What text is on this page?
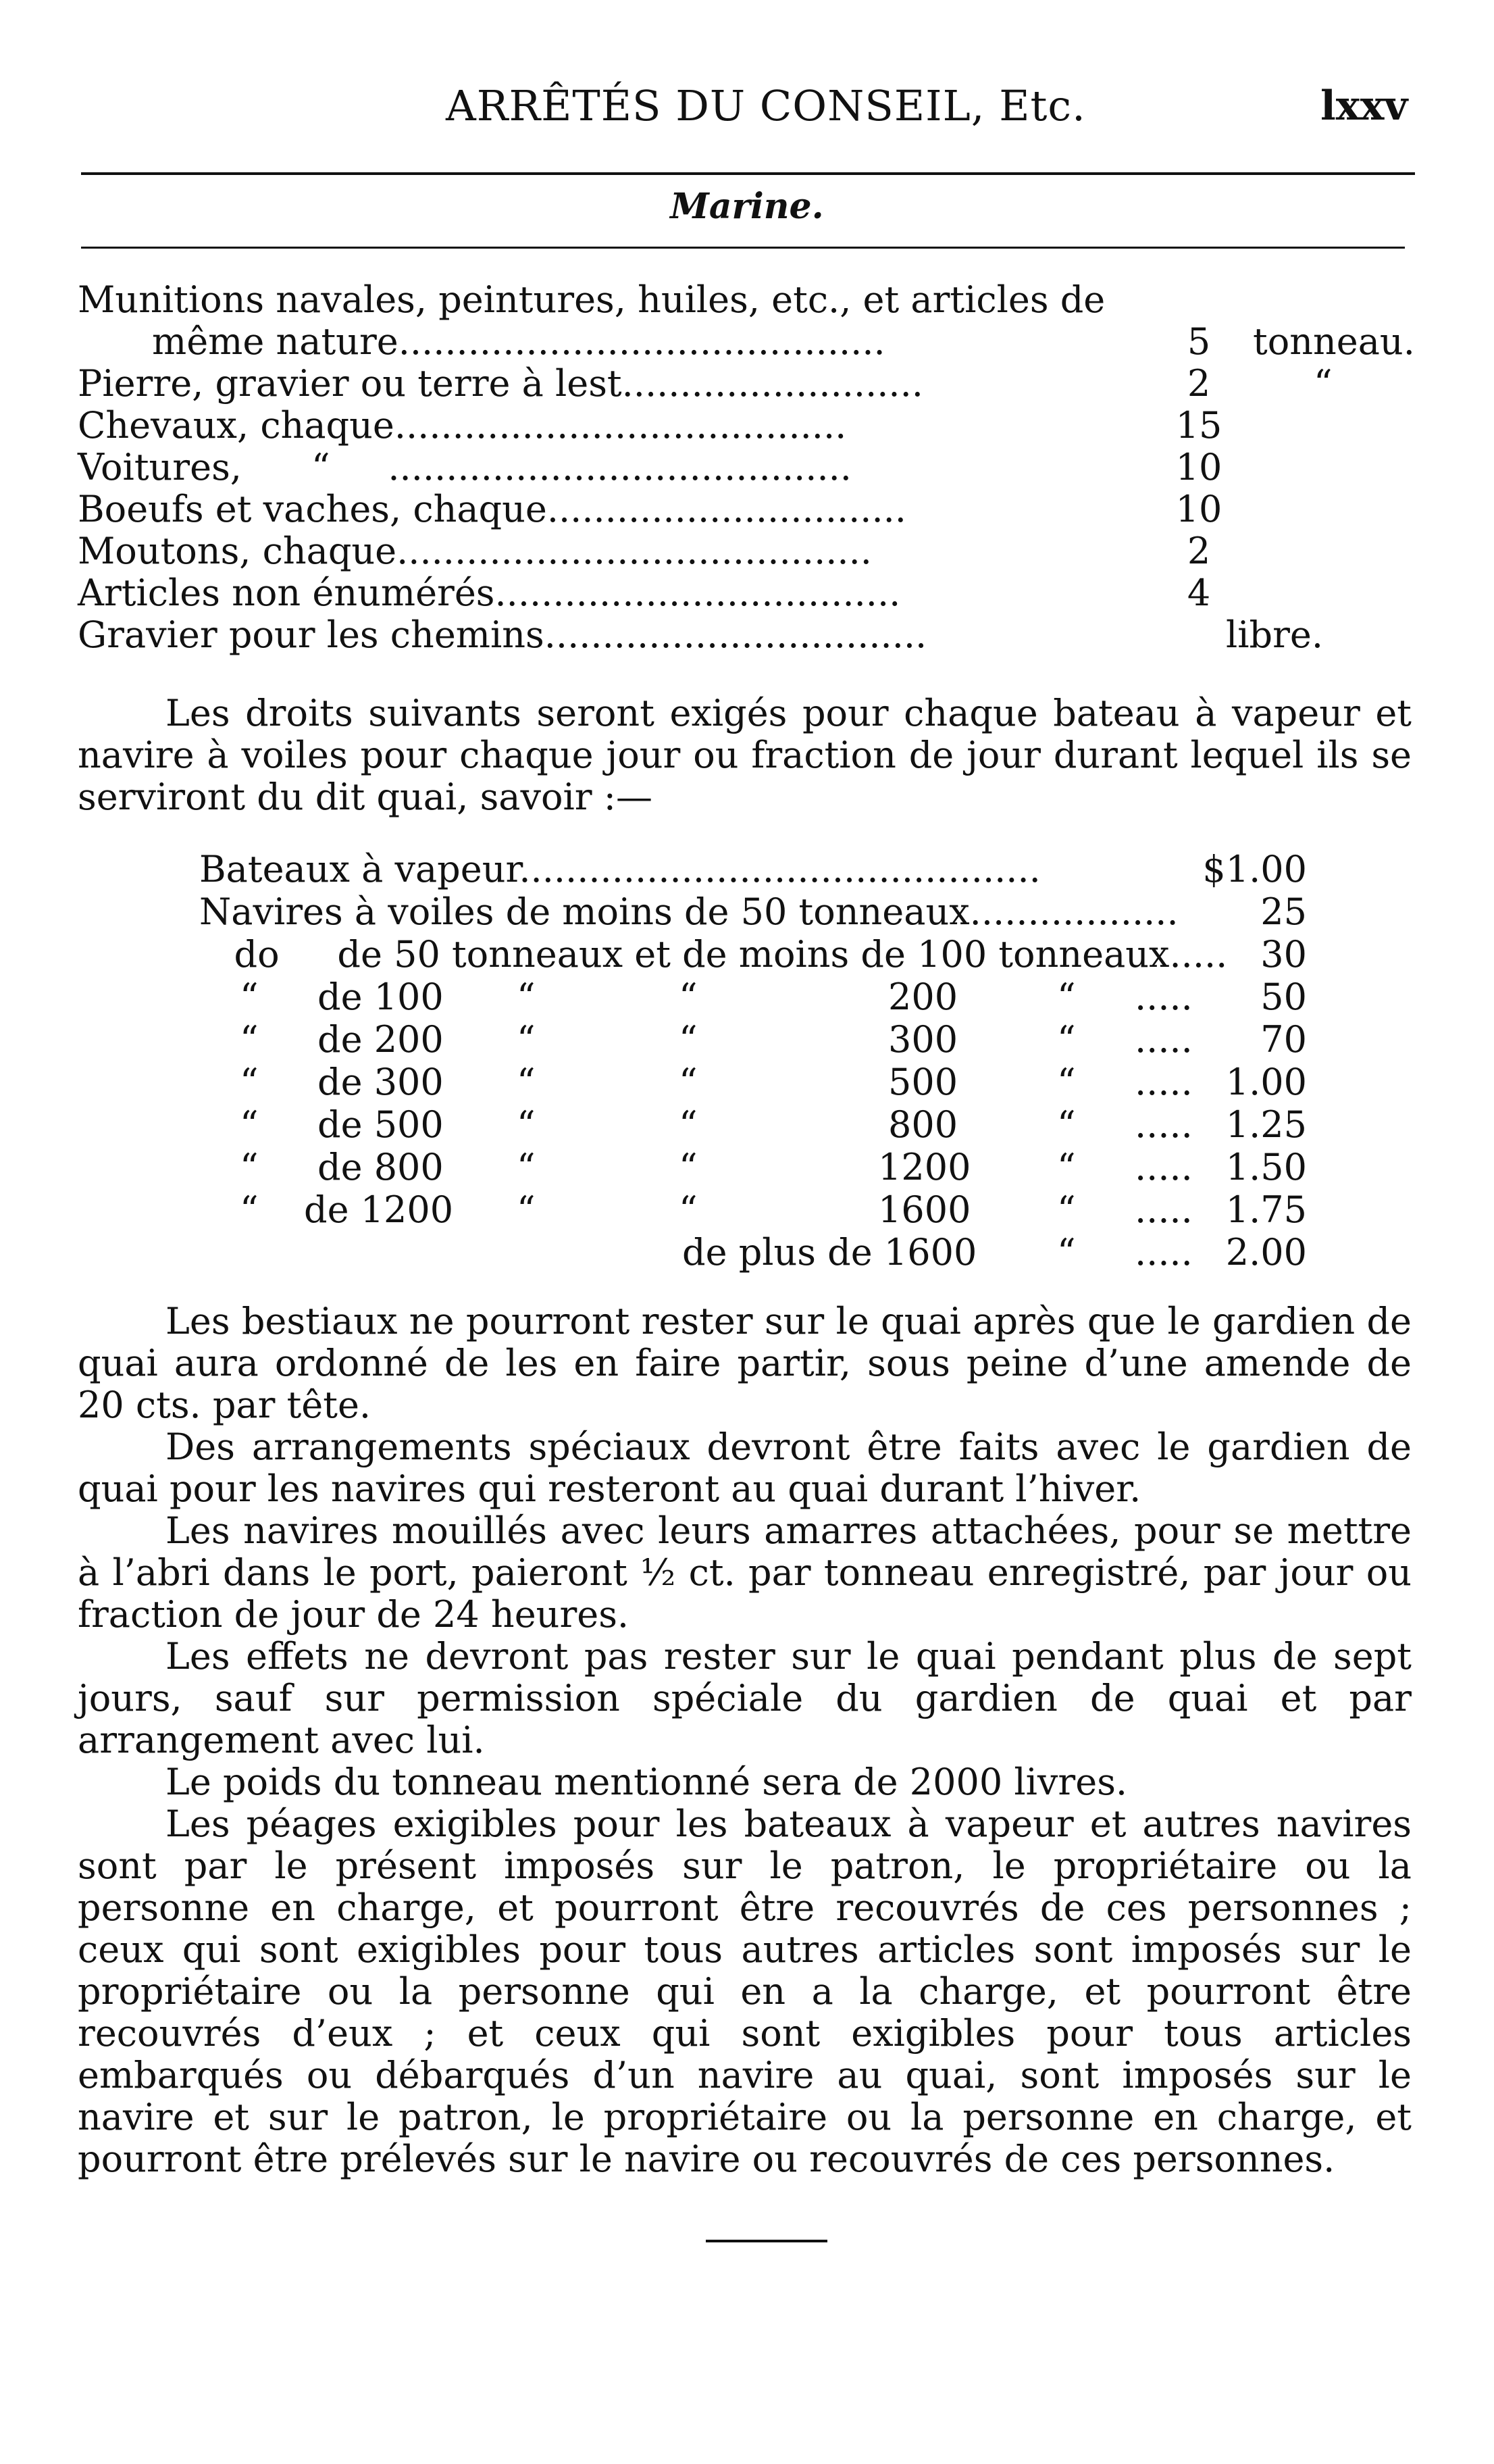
ARRÊTÉS DU CONSEIL, Etc.	lxxv
Marine.
Munitions navales, peintures, huiles, etc., et articles de
même nature..........................................	5	tonneau.
Pierre, gravier ou terre à lest..........................	2	“
Chevaux, chaque.......................................	15
Voitures,      “     ........................................	10
Boeufs et vaches, chaque...............................	10
Moutons, chaque.........................................	2
Articles non énumérés...................................	4
Gravier pour les chemins.................................	libre.

Les droits suivants seront exigés pour chaque bateau à vapeur et navire à voiles pour chaque jour ou fraction de jour durant lequel ils se serviront du dit quai, savoir :—

Bateaux à vapeur.............................................	$1.00
Navires à voiles de moins de 50 tonneaux.................. 25
do     de 50 tonneaux et de moins de 100 tonneaux..... 30
“ de 100 “	“	200	“ ..... 50
“ de 200 “	“	300	“ ..... 70
“ de 300 “	“	500	“ ..... 1.00
“ de 500 “	“	800	“ ..... 1.25
“ de 800 “	“	1200 “ ..... 1.50
“ de 1200 “	“	1600 “ ..... 1.75
de plus de 1600 “ ..... 2.00

Les bestiaux ne pourront rester sur le quai après que le gardien de quai aura ordonné de les en faire partir, sous peine d’une amende de 20 cts. par tête.

Des arrangements spéciaux devront être faits avec le gardien de quai pour les navires qui resteront au quai durant l’hiver.

Les navires mouillés avec leurs amarres attachées, pour se mettre à l’abri dans le port, paieront ½ ct. par tonneau enregistré, par jour ou fraction de jour de 24 heures.

Les effets ne devront pas rester sur le quai pendant plus de sept jours, sauf sur permission spéciale du gardien de quai et par arrangement avec lui.

Le poids du tonneau mentionné sera de 2000 livres.

Les péages exigibles pour les bateaux à vapeur et autres navires sont par le présent imposés sur le patron, le propriétaire ou la personne en charge, et pourront être recouvrés de ces personnes ; ceux qui sont exigibles pour tous autres articles sont imposés sur le propriétaire ou la personne qui en a la charge, et pourront être recouvrés d’eux ; et ceux qui sont exigibles pour tous articles embarqués ou débarqués d’un navire au quai, sont imposés sur le navire et sur le patron, le propriétaire ou la personne en charge, et pourront être prélevés sur le navire ou recouvrés de ces personnes.
